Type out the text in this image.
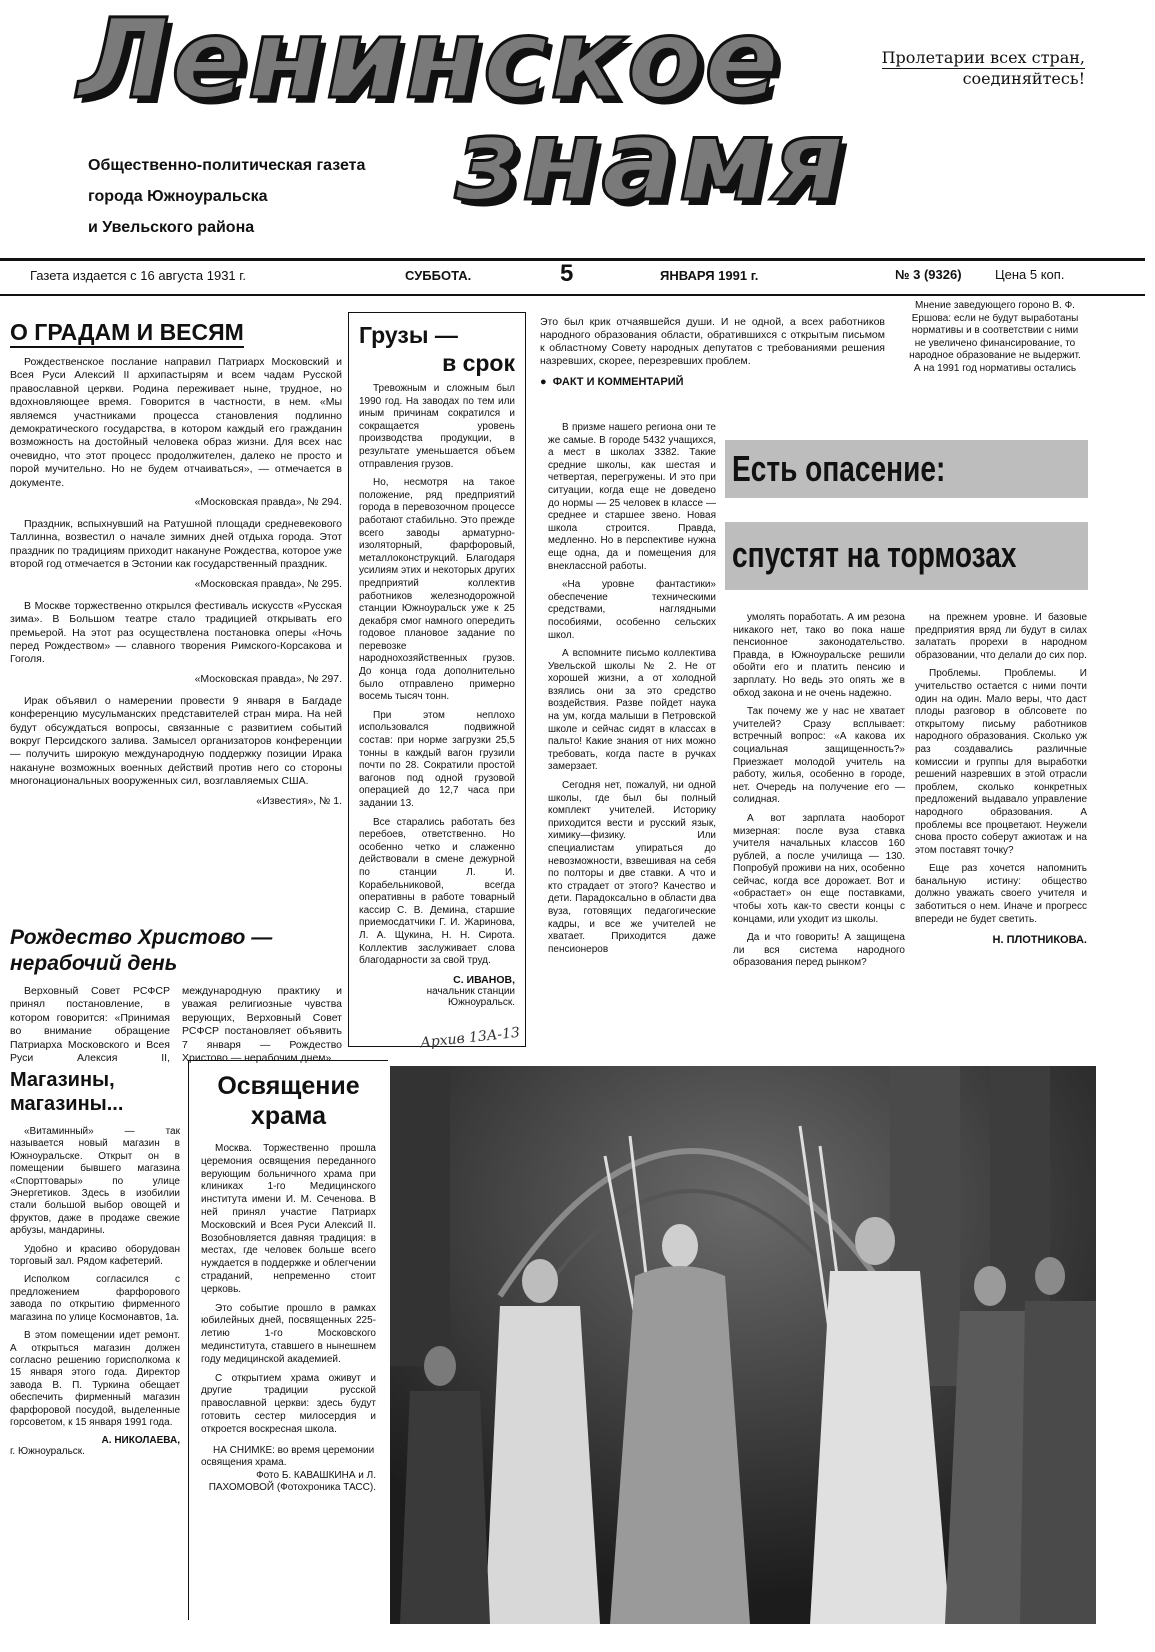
Ленинское
знамя
Пролетарии всех стран,
соединяйтесь!
Общественно-политическая газета
города Южноуральска
и Увельского района
Газета издается с 16 августа 1931 г.	СУББОТА.	5	ЯНВАРЯ 1991 г.	№ 3 (9326)	Цена 5 коп.
О ГРАДАМ И ВЕСЯМ

Рождественское послание направил Патриарх Московский и Всея Руси Алексий II архипастырям и всем чадам Русской православной церкви. Родина переживает ныне, трудное, но вдохновляющее время. Говорится в частности, в нем. «Мы являемся участниками процесса становления подлинно демократического государства, в котором каждый его гражданин возможность на достойный человека образ жизни. Для всех нас очевидно, что этот процесс продолжителен, далеко не просто и порой мучительно. Но не будем отчаиваться», — отмечается в документе.

«Московская правда», № 294.

Праздник, вспыхнувший на Ратушной площади средневекового Таллинна, возвестил о начале зимних дней отдыха города. Этот праздник по традициям приходит накануне Рождества, которое уже второй год отмечается в Эстонии как государственный праздник.

«Московская правда», № 295.

В Москве торжественно открылся фестиваль искусств «Русская зима». В Большом театре стало традицией открывать его премьерой. На этот раз осуществлена постановка оперы «Ночь перед Рождеством» — славного творения Римского-Корсакова и Гоголя.

«Московская правда», № 297.

Ирак объявил о намерении провести 9 января в Багдаде конференцию мусульманских представителей стран мира. На ней будут обсуждаться вопросы, связанные с развитием событий вокруг Персидского залива. Замысел организаторов конференции — получить широкую международную поддержку позиции Ирака накануне возможных военных действий против него со стороны многонациональных вооруженных сил, возглавляемых США.

«Известия», № 1.
Рождество Христово —
нерабочий день

Верховный Совет РСФСР принял постановление, в котором говорится: «Принимая во внимание обращение Патриарха Московского и Всея Руси Алексия II, международную практику и уважая религиозные чувства верующих, Верховный Совет РСФСР постановляет объявить 7 января — Рождество Христово — нерабочим днем».

Грузы —
в срок

Тревожным и сложным был 1990 год. На заводах по тем или иным причинам сократился и сокращается уровень производства продукции, в результате уменьшается объем отправления грузов.

Но, несмотря на такое положение, ряд предприятий города в перевозочном процессе работают стабильно. Это прежде всего заводы арматурно-изоляторный, фарфоровый, металлоконструкций. Благодаря усилиям этих и некоторых других предприятий коллектив работников железнодорожной станции Южноуральск уже к 25 декабря смог намного опередить годовое плановое задание по перевозке народнохозяйственных грузов. До конца года дополнительно было отправлено примерно восемь тысяч тонн.

При этом неплохо использовался подвижной состав: при норме загрузки 25,5 тонны в каждый вагон грузили почти по 28. Сократили простой вагонов под одной грузовой операцией до 12,7 часа при задании 13.

Все старались работать без перебоев, ответственно. Но особенно четко и слаженно действовали в смене дежурной по станции Л. И. Корабельниковой, всегда оперативны в работе товарный кассир С. В. Демина, старшие приемосдатчики Г. И. Жаринова, Л. А. Щукина, Н. Н. Сирота. Коллектив заслуживает слова благодарности за свой труд.

С. ИВАНОВ,
начальник станции Южноуральск.
Это был крик отчаявшейся души. И не одной, а всех работников народного образования области, обратившихся с открытым письмом к областному Совету народных депутатов с требованиями решения назревших, скорее, перезревших проблем.
●  ФАКТ И КОММЕНТАРИЙ
Мнение заведующего гороно В. Ф. Ершова: если не будут выработаны нормативы и в соответствии с ними не увеличено финансирование, то народное образование не выдержит. А на 1991 год нормативы остались

В призме нашего региона они те же самые. В городе 5432 учащихся, а мест в школах 3382. Такие средние школы, как шестая и четвертая, перегружены. И это при ситуации, когда еще не доведено до нормы — 25 человек в классе — среднее и старшее звено. Новая школа строится. Правда, медленно. Но в перспективе нужна еще одна, да и помещения для внеклассной работы.

«На уровне фантастики» обеспечение техническими средствами, наглядными пособиями, особенно сельских школ.

А вспомните письмо коллектива Увельской школы № 2. Не от хорошей жизни, а от холодной взялись они за это средство воздействия. Разве пойдет наука на ум, когда малыши в Петровской школе и сейчас сидят в классах в пальто! Какие знания от них можно требовать, когда пасте в ручках замерзает.

Сегодня нет, пожалуй, ни одной школы, где был бы полный комплект учителей. Историку приходится вести и русский язык, химику—физику. Или специалистам упираться до невозможности, взвешивая на себя по полторы и две ставки. А что и кто страдает от этого? Качество и дети. Парадоксально в области два вуза, готовящих педагогические кадры, и все же учителей не хватает. Приходится даже пенсионеров

Есть опасение:
спустят на тормозах

умолять поработать. А им резона никакого нет, тако во пока наше пенсионное законодательство. Правда, в Южноуральске решили обойти его и платить пенсию и зарплату. Но ведь это опять же в обход закона и не очень надежно.

Так почему же у нас не хватает учителей? Сразу всплывает: встречный вопрос: «А какова их социальная защищенность?» Приезжает молодой учитель на работу, жилья, особенно в городе, нет. Очередь на получение его — солидная.

А вот зарплата наоборот мизерная: после вуза ставка учителя начальных классов 160 рублей, а после училища — 130. Попробуй проживи на них, особенно сейчас, когда все дорожает. Вот и «обрастает» он еще поставками, чтобы хоть как-то свести концы с концами, или уходит из школы.

Да и что говорить! А защищена ли вся система народного образования перед рынком?

на прежнем уровне. И базовые предприятия вряд ли будут в силах залатать прорехи в народном образовании, что делали до сих пор.

Проблемы. Проблемы. И учительство остается с ними почти один на один. Мало веры, что даст плоды разговор в облсовете по открытому письму работников народного образования. Сколько уж раз создавались различные комиссии и группы для выработки решений назревших в этой отрасли проблем, сколько конкретных предложений выдавало управление народного образования. А проблемы все процветают. Неужели снова просто соберут ажиотаж и на этом поставят точку?

Еще раз хочется напомнить банальную истину: общество должно уважать своего учителя и заботиться о нем. Иначе и прогресс впереди не будет светить.

Н. ПЛОТНИКОВА.
Магазины,
магазины...

«Витаминный» — так называется новый магазин в Южноуральске. Открыт он в помещении бывшего магазина «Спорттовары» по улице Энергетиков. Здесь в изобилии стали большой выбор овощей и фруктов, даже в продаже свежие арбузы, мандарины.

Удобно и красиво оборудован торговый зал. Рядом кафетерий.

Исполком согласился с предложением фарфорового завода по открытию фирменного магазина по улице Космонавтов, 1а.

В этом помещении идет ремонт. А открыться магазин должен согласно решению горисполкома к 15 января этого года. Директор завода В. П. Туркина обещает обеспечить фирменный магазин фарфоровой посудой, выделенные горсоветом, к 15 января 1991 года.

А. НИКОЛАЕВА,
г. Южноуральск.
Освящение
храма

Москва. Торжественно прошла церемония освящения переданного верующим больничного храма при клиниках 1-го Медицинского института имени И. М. Сеченова. В ней принял участие Патриарх Московский и Всея Руси Алексий II. Возобновляется давняя традиция: в местах, где человек больше всего нуждается в поддержке и облегчении страданий, непременно стоит церковь.

Это событие прошло в рамках юбилейных дней, посвященных 225-летию 1-го Московского мединститута, ставшего в нынешнем году медицинской академией.

С открытием храма оживут и другие традиции русской православной церкви: здесь будут готовить сестер милосердия и откроется воскресная школа.

НА СНИМКЕ: во время церемонии освящения храма.
Фото Б. КАВАШКИНА и Л. ПАХОМОВОЙ (Фотохроника ТАСС).
Архив 13А-13
